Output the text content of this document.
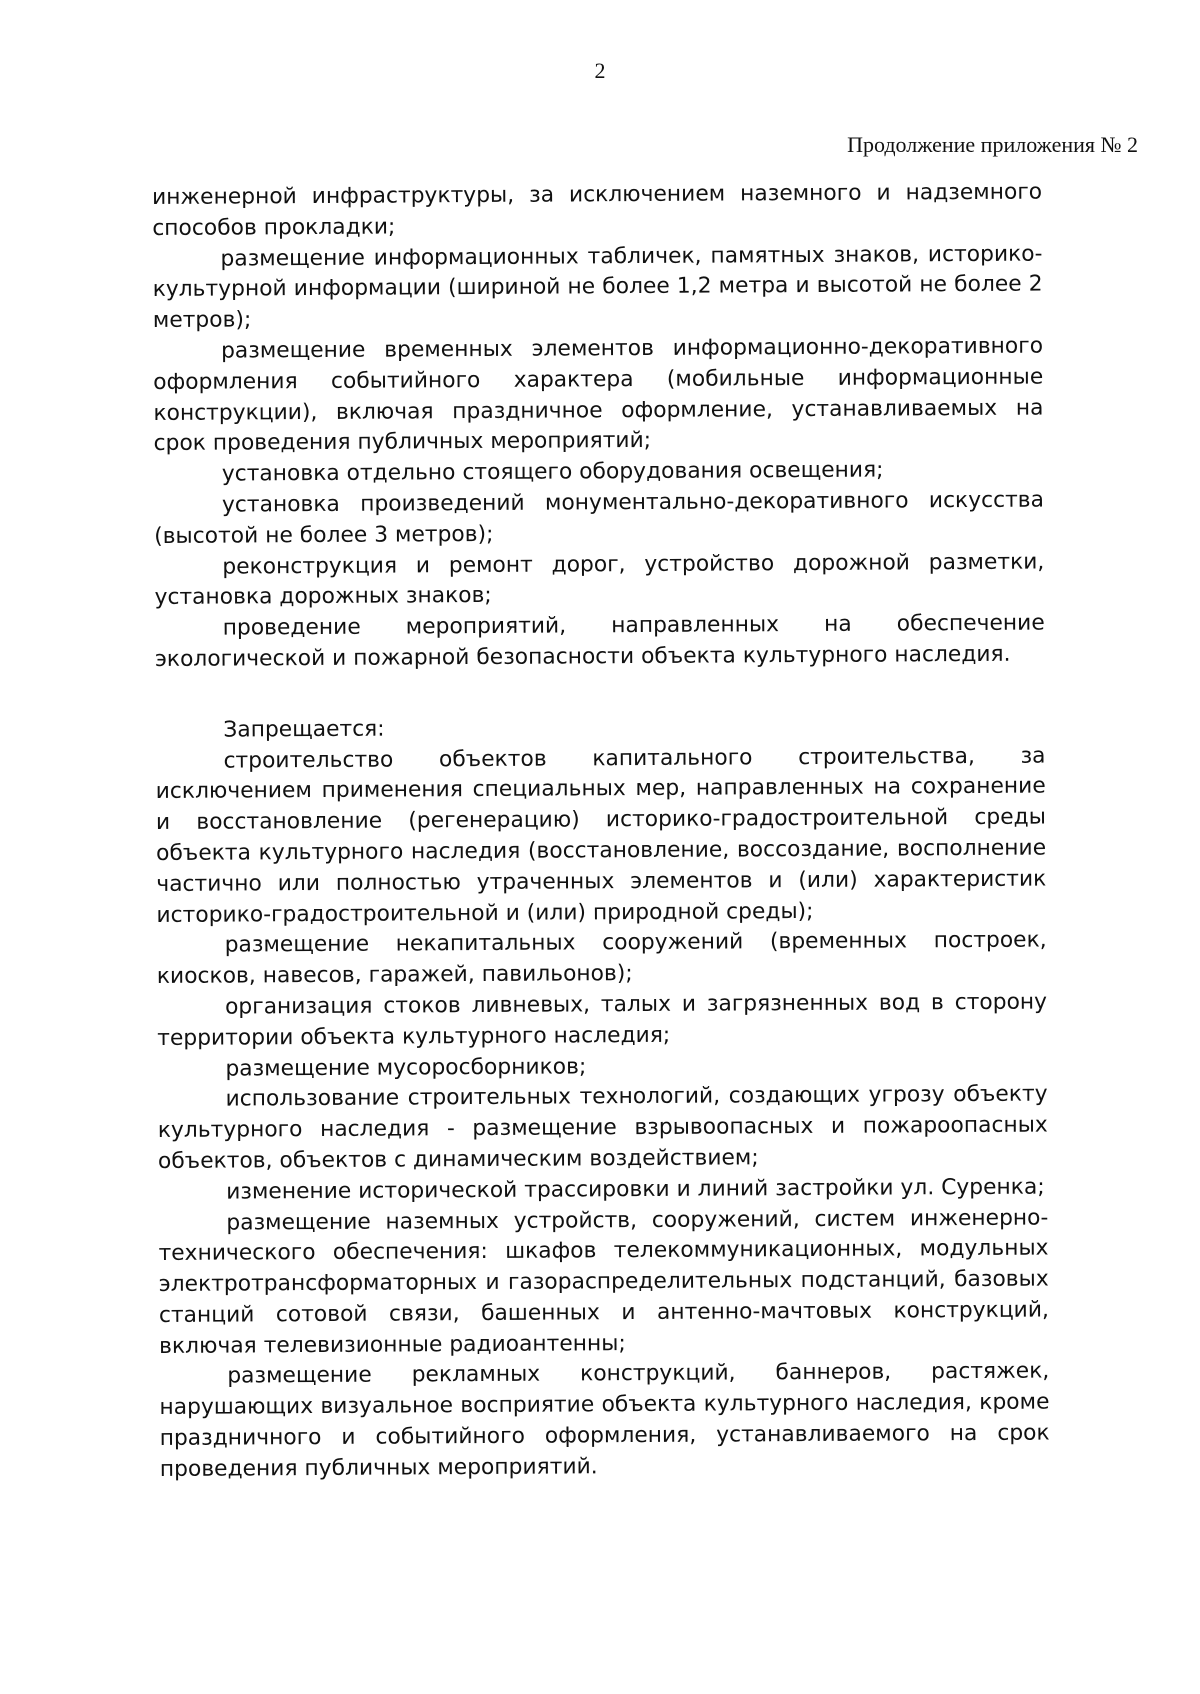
2
Продолжение приложения № 2

инженерной инфраструктуры, за исключением наземного и надземного способов прокладки;

размещение информационных табличек, памятных знаков, историко-культурной информации (шириной не более 1,2 метра и высотой не более 2 метров);

размещение временных элементов информационно-декоративного оформления событийного характера (мобильные информационные конструкции), включая праздничное оформление, устанавливаемых на срок проведения публичных мероприятий;

установка отдельно стоящего оборудования освещения;

установка произведений монументально-декоративного искусства (высотой не более 3 метров);

реконструкция и ремонт дорог, устройство дорожной разметки, установка дорожных знаков;

проведение мероприятий, направленных на обеспечение экологической и пожарной безопасности объекта культурного наследия.

Запрещается:

строительство объектов капитального строительства, за исключением применения специальных мер, направленных на сохранение и восстановление (регенерацию) историко-градостроительной среды объекта культурного наследия (восстановление, воссоздание, восполнение частично или полностью утраченных элементов и (или) характеристик историко-градостроительной и (или) природной среды);

размещение некапитальных сооружений (временных построек, киосков, навесов, гаражей, павильонов);

организация стоков ливневых, талых и загрязненных вод в сторону территории объекта культурного наследия;

размещение мусоросборников;

использование строительных технологий, создающих угрозу объекту культурного наследия - размещение взрывоопасных и пожароопасных объектов, объектов с динамическим воздействием;

изменение исторической трассировки и линий застройки ул. Суренка;

размещение наземных устройств, сооружений, систем инженерно-технического обеспечения: шкафов телекоммуникационных, модульных электротрансформаторных и газораспределительных подстанций, базовых станций сотовой связи, башенных и антенно-мачтовых конструкций, включая телевизионные радиоантенны;

размещение рекламных конструкций, баннеров, растяжек, нарушающих визуальное восприятие объекта культурного наследия, кроме праздничного и событийного оформления, устанавливаемого на срок проведения публичных мероприятий.
